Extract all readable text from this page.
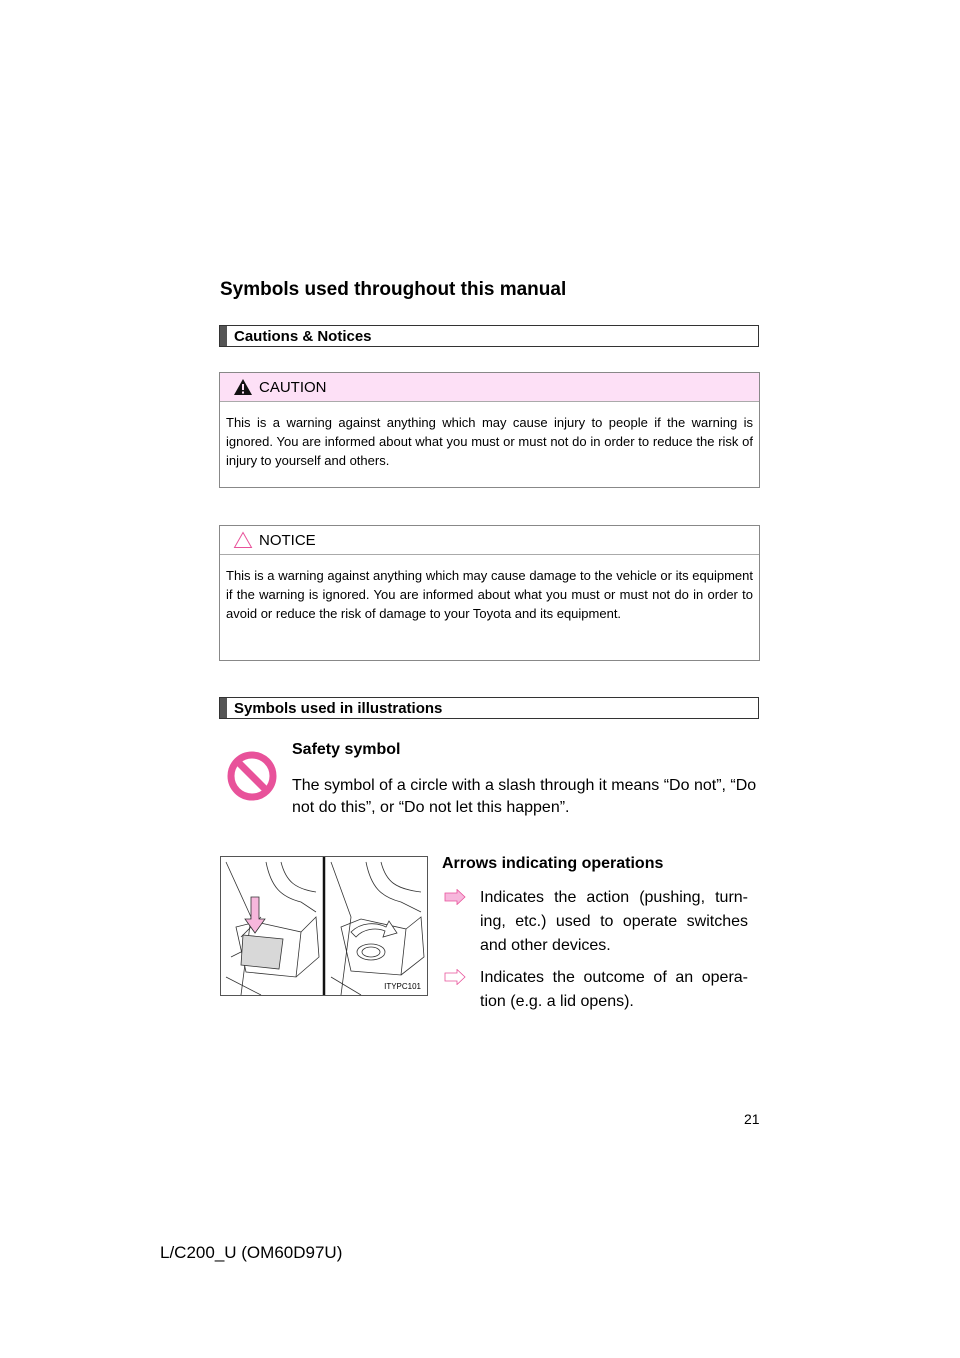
Symbols used throughout this manual
Cautions & Notices
CAUTION
This is a warning against anything which may cause injury to people if the warning is ignored. You are informed about what you must or must not do in order to reduce the risk of injury to yourself and others.
NOTICE
This is a warning against anything which may cause damage to the vehicle or its equipment if the warning is ignored. You are informed about what you must or must not do in order to avoid or reduce the risk of damage to your Toyota and its equipment.
Symbols used in illustrations
Safety symbol
The symbol of a circle with a slash through it means “Do not”, “Do not do this”, or “Do not let this happen”.
ITYPC101
Arrows indicating operations
Indicates the action (pushing, turn-ing, etc.) used to operate switches and other devices.
Indicates the outcome of an opera-tion (e.g. a lid opens).
21
L/C200_U (OM60D97U)
